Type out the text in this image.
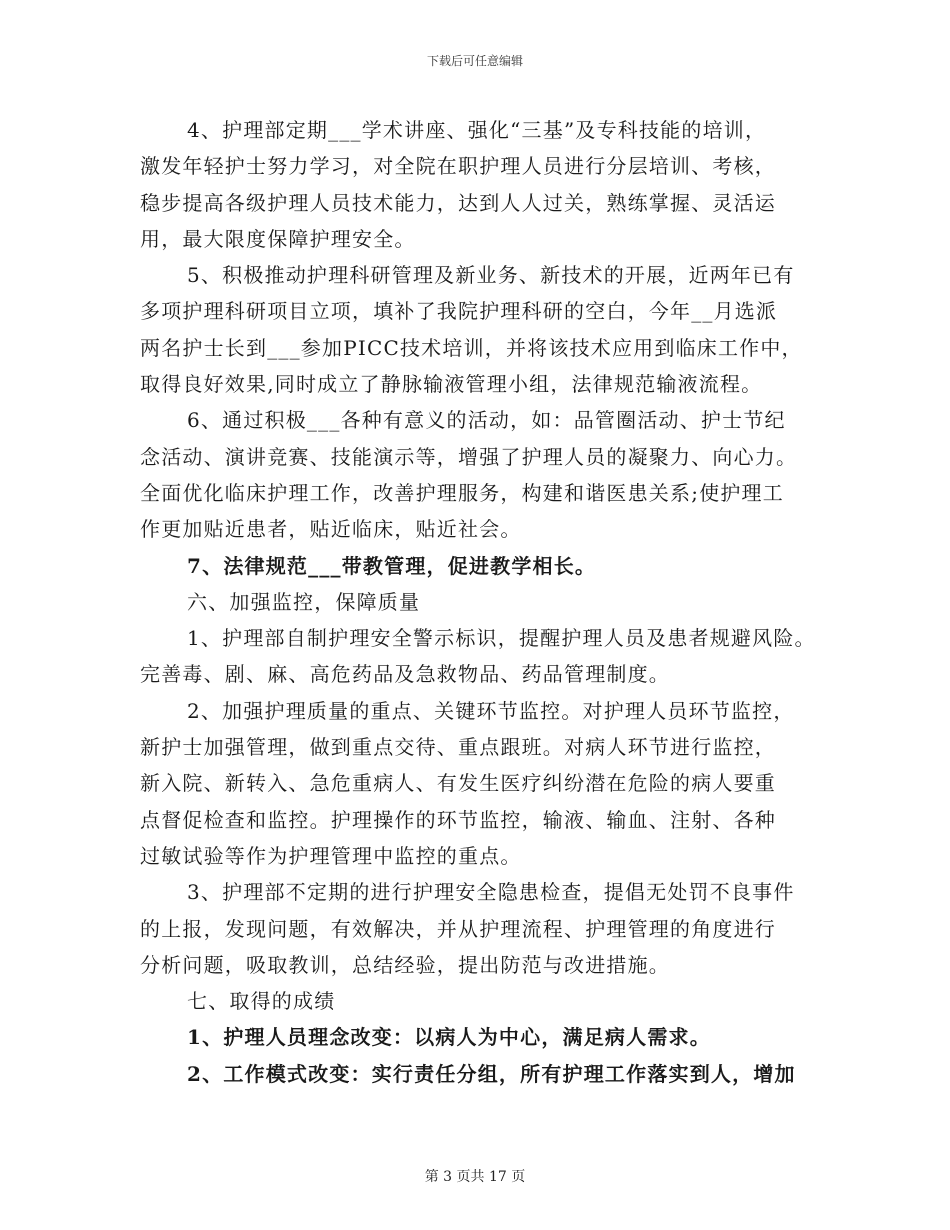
下载后可任意编辑
4、护理部定期___学术讲座、强化“三基”及专科技能的培训，
激发年轻护士努力学习，对全院在职护理人员进行分层培训、考核，
稳步提高各级护理人员技术能力，达到人人过关，熟练掌握、灵活运
用，最大限度保障护理安全。
5、积极推动护理科研管理及新业务、新技术的开展，近两年已有
多项护理科研项目立项，填补了我院护理科研的空白，今年__月选派
两名护士长到___参加PICC技术培训，并将该技术应用到临床工作中，
取得良好效果,同时成立了静脉输液管理小组，法律规范输液流程。
6、通过积极___各种有意义的活动，如：品管圈活动、护士节纪
念活动、演讲竞赛、技能演示等，增强了护理人员的凝聚力、向心力。
全面优化临床护理工作，改善护理服务，构建和谐医患关系;使护理工
作更加贴近患者，贴近临床，贴近社会。
7、法律规范___带教管理，促进教学相长。
六、加强监控，保障质量
1、护理部自制护理安全警示标识，提醒护理人员及患者规避风险。
完善毒、剧、麻、高危药品及急救物品、药品管理制度。
2、加强护理质量的重点、关键环节监控。对护理人员环节监控，
新护士加强管理，做到重点交待、重点跟班。对病人环节进行监控，
新入院、新转入、急危重病人、有发生医疗纠纷潜在危险的病人要重
点督促检查和监控。护理操作的环节监控，输液、输血、注射、各种
过敏试验等作为护理管理中监控的重点。
3、护理部不定期的进行护理安全隐患检查，提倡无处罚不良事件
的上报，发现问题，有效解决，并从护理流程、护理管理的角度进行
分析问题，吸取教训，总结经验，提出防范与改进措施。
七、取得的成绩
1、护理人员理念改变：以病人为中心，满足病人需求。
2、工作模式改变：实行责任分组，所有护理工作落实到人，增加
第 3 页共 17 页
